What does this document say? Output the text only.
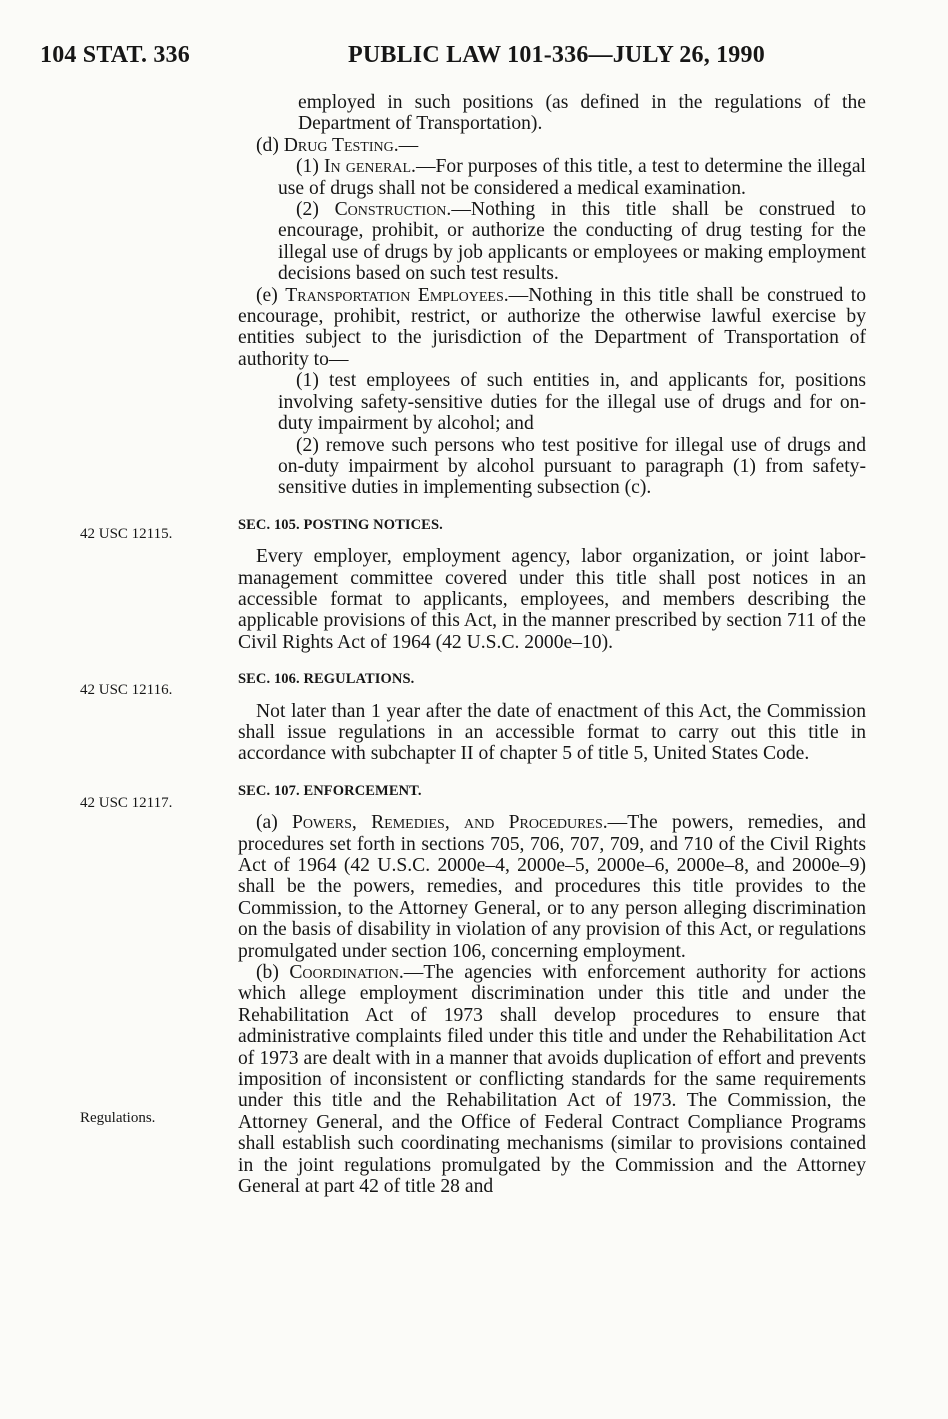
104 STAT. 336	PUBLIC LAW 101-336—JULY 26, 1990
42 USC 12115.
42 USC 12116.
42 USC 12117.
Regulations.

employed in such positions (as defined in the regulations of the Department of Transportation).

(d) Drug Testing.—

(1) In general.—For purposes of this title, a test to determine the illegal use of drugs shall not be considered a medical examination.

(2) Construction.—Nothing in this title shall be construed to encourage, prohibit, or authorize the conducting of drug testing for the illegal use of drugs by job applicants or employees or making employment decisions based on such test results.

(e) Transportation Employees.—Nothing in this title shall be construed to encourage, prohibit, restrict, or authorize the otherwise lawful exercise by entities subject to the jurisdiction of the Department of Transportation of authority to—

(1) test employees of such entities in, and applicants for, positions involving safety-sensitive duties for the illegal use of drugs and for on-duty impairment by alcohol; and

(2) remove such persons who test positive for illegal use of drugs and on-duty impairment by alcohol pursuant to paragraph (1) from safety-sensitive duties in implementing subsection (c).

SEC. 105. POSTING NOTICES.

Every employer, employment agency, labor organization, or joint labor-management committee covered under this title shall post notices in an accessible format to applicants, employees, and members describing the applicable provisions of this Act, in the manner prescribed by section 711 of the Civil Rights Act of 1964 (42 U.S.C. 2000e–10).

SEC. 106. REGULATIONS.

Not later than 1 year after the date of enactment of this Act, the Commission shall issue regulations in an accessible format to carry out this title in accordance with subchapter II of chapter 5 of title 5, United States Code.

SEC. 107. ENFORCEMENT.

(a) Powers, Remedies, and Procedures.—The powers, remedies, and procedures set forth in sections 705, 706, 707, 709, and 710 of the Civil Rights Act of 1964 (42 U.S.C. 2000e–4, 2000e–5, 2000e–6, 2000e–8, and 2000e–9) shall be the powers, remedies, and procedures this title provides to the Commission, to the Attorney General, or to any person alleging discrimination on the basis of disability in violation of any provision of this Act, or regulations promulgated under section 106, concerning employment.

(b) Coordination.—The agencies with enforcement authority for actions which allege employment discrimination under this title and under the Rehabilitation Act of 1973 shall develop procedures to ensure that administrative complaints filed under this title and under the Rehabilitation Act of 1973 are dealt with in a manner that avoids duplication of effort and prevents imposition of inconsistent or conflicting standards for the same requirements under this title and the Rehabilitation Act of 1973. The Commission, the Attorney General, and the Office of Federal Contract Compliance Programs shall establish such coordinating mechanisms (similar to provisions contained in the joint regulations promulgated by the Commission and the Attorney General at part 42 of title 28 and
